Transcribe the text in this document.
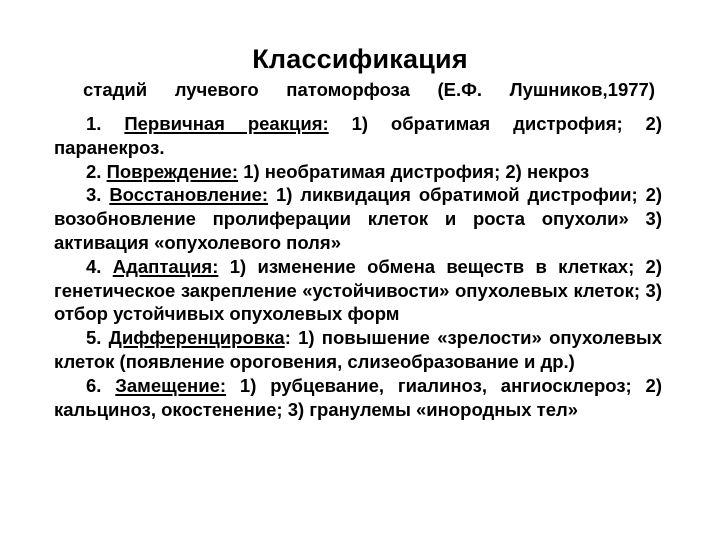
Классификация
стадий лучевого патоморфоза (Е.Ф. Лушников,1977)

1. Первичная реакция: 1) обратимая дистрофия; 2) паранекроз.

2. Повреждение: 1) необратимая дистрофия; 2) некроз

3. Восстановление: 1) ликвидация обратимой дистрофии; 2) возобновление пролиферации клеток и роста опухоли» 3) активация «опухолевого поля»

4. Адаптация: 1) изменение обмена веществ в клетках; 2) генетическое закрепление «устойчивости» опухолевых клеток; 3) отбор устойчивых опухолевых форм

5. Дифференцировка: 1) повышение «зрелости» опухолевых клеток (появление ороговения, слизеобразование и др.)

6. Замещение: 1) рубцевание, гиалиноз, ангиосклероз; 2) кальциноз, окостенение; 3) гранулемы «инородных тел»
